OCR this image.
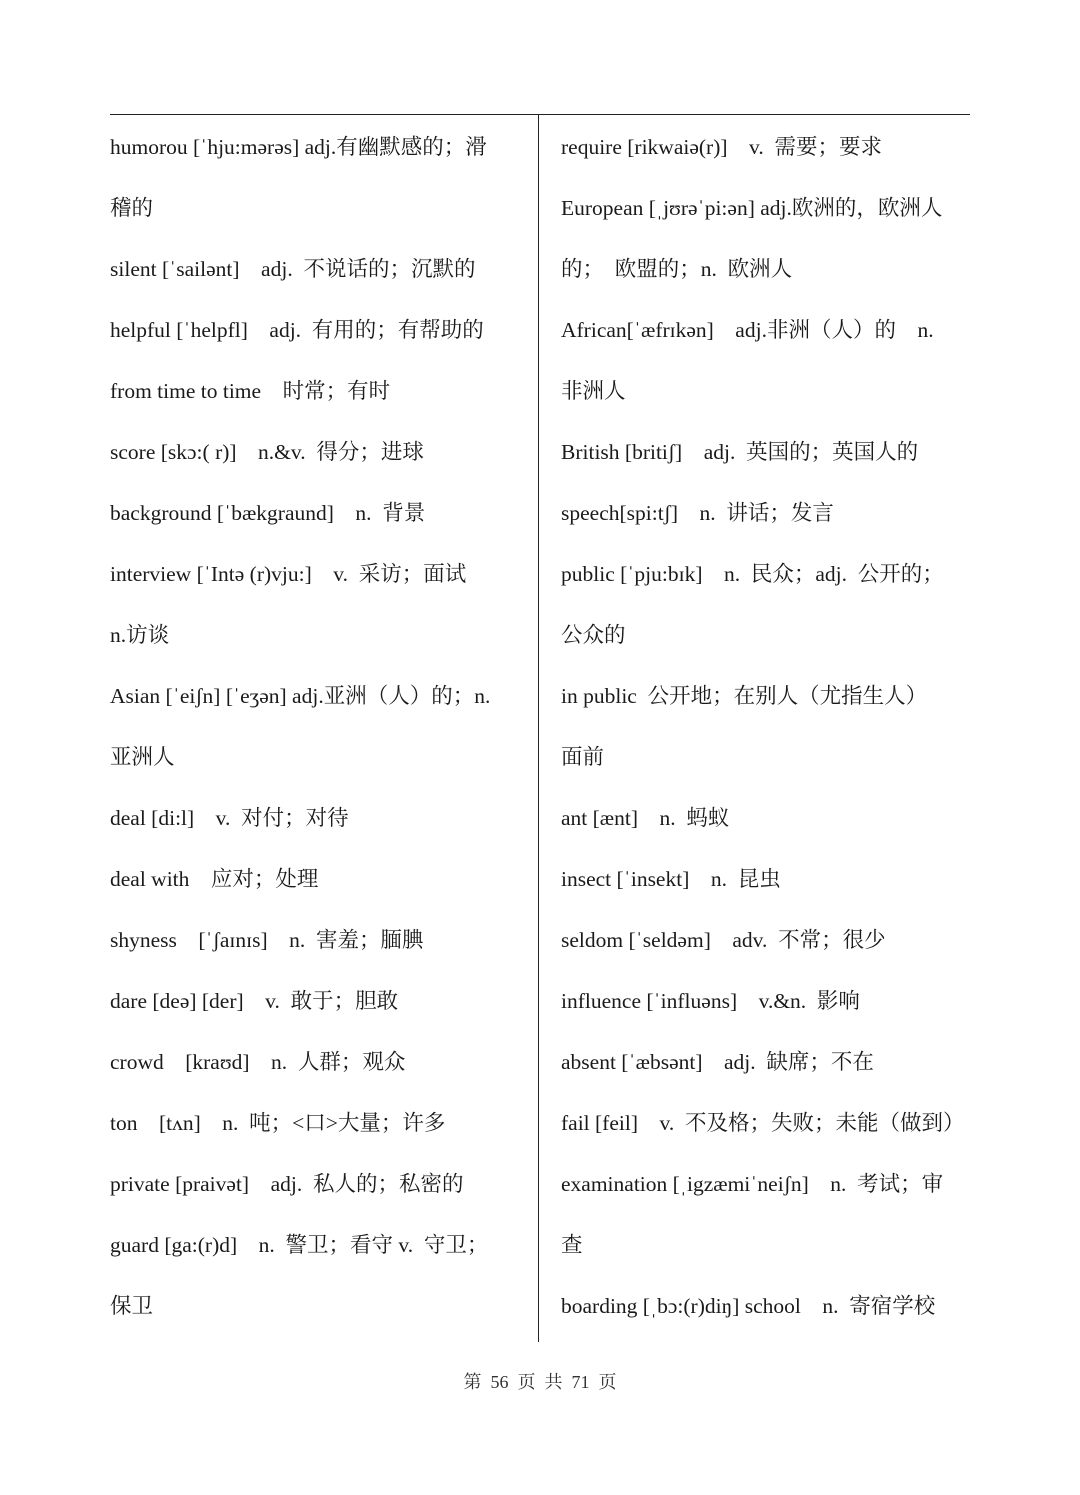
humorou [ˈhju:mərəs] adj.有幽默感的；滑
稽的
silent [ˈsailənt]    adj.  不说话的；沉默的
helpful [ˈhelpfl]    adj.  有用的；有帮助的
from time to time    时常；有时
score [skɔ:( r)]    n.&v.  得分；进球
background [ˈbækgraund]    n.  背景
interview [ˈIntə (r)vju:]    v.  采访；面试
n.访谈
Asian [ˈeiʃn] [ˈeʒən] adj.亚洲（人）的；n.
亚洲人
deal [di:l]    v.  对付；对待
deal with    应对；处理
shyness    [ˈʃaɪnɪs]    n.  害羞；腼腆
dare [deə] [der]    v.  敢于；胆敢
crowd    [kraʊd]    n.  人群；观众
ton    [tʌn]    n.  吨；<口>大量；许多
private [praivət]    adj.  私人的；私密的
guard [ga:(r)d]    n.  警卫；看守 v.  守卫；
保卫
require [rikwaiə(r)]    v.  需要；要求
European [ˌjʊrəˈpi:ən] adj.欧洲的，欧洲人
的；  欧盟的；n.  欧洲人
African[ˈæfrɪkən]    adj.非洲（人）的    n.
非洲人
British [britiʃ]    adj.  英国的；英国人的
speech[spi:tʃ]    n.  讲话；发言
public [ˈpju:bɪk]    n.  民众；adj.  公开的；
公众的
in public  公开地；在别人（尤指生人）
面前
ant [ænt]    n.  蚂蚁
insect [ˈinsekt]    n.  昆虫
seldom [ˈseldəm]    adv.  不常；很少
influence [ˈinfluəns]    v.&n.  影响
absent [ˈæbsənt]    adj.  缺席；不在
fail [feil]    v.  不及格；失败；未能（做到）
examination [ˌigzæmiˈneiʃn]    n.  考试；审
查
boarding [ˌbɔ:(r)diŋ] school    n.  寄宿学校
第  56  页  共  71  页
